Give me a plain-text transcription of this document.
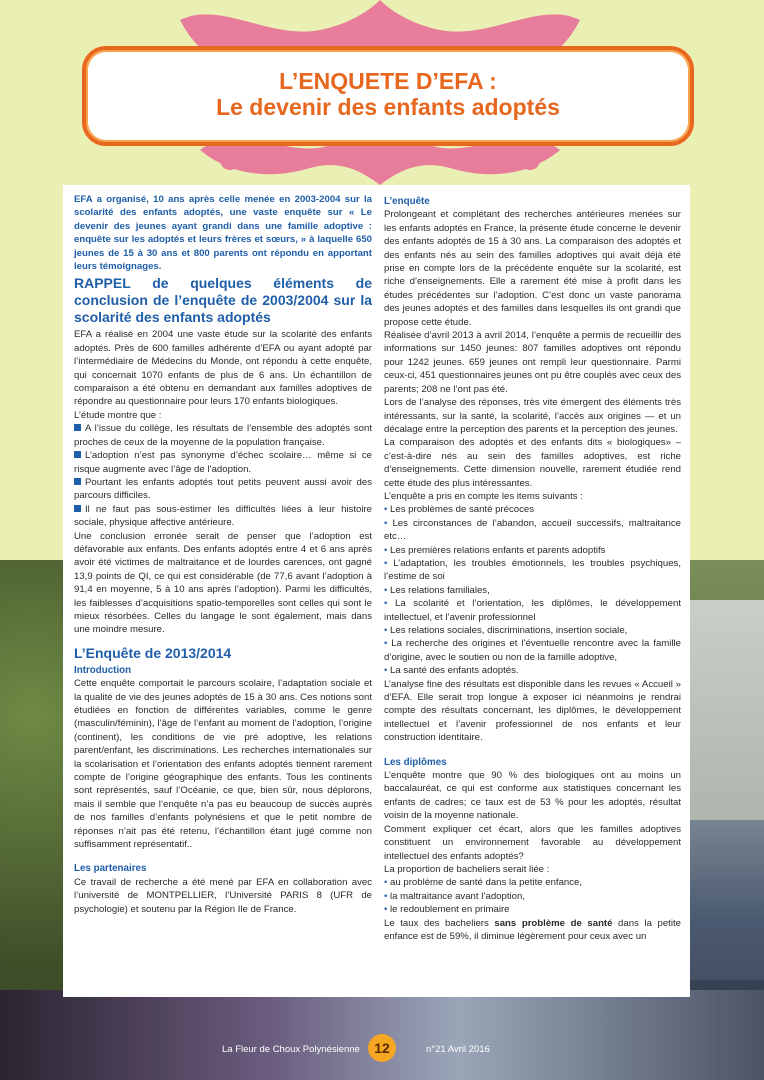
L’ENQUETE D’EFA :
Le devenir des enfants adoptés

EFA a organisé, 10 ans après celle menée en 2003-2004 sur la scolarité des enfants adoptés, une vaste enquête sur « Le devenir des jeunes ayant grandi dans une famille adoptive : enquête sur les adoptés et leurs frères et sœurs, » à laquelle 650 jeunes de 15 à 30 ans et 800 parents ont répondu en apportant leurs témoignages.

RAPPEL de quelques éléments de conclusion de l’enquête de 2003/2004 sur la scolarité des enfants adoptés

EFA a réalisé en 2004 une vaste étude sur la scolarité des enfants adoptés. Près de 600 familles adhérente d’EFA ou ayant adopté par l’intermédiaire de Médecins du Monde, ont répondu à cette enquête, qui concernait 1070 enfants de plus de 6 ans. Un échantillon de comparaison a été obtenu en demandant aux familles adoptives de répondre au questionnaire pour leurs 170 enfants biologiques.

L’étude montre que :

A l’issue du collège, les résultats de l’ensemble des adoptés sont proches de ceux de la moyenne de la population française.

L’adoption n’est pas synonyme d’échec scolaire… même si ce risque augmente avec l’âge de l’adoption.

Pourtant les enfants adoptés tout petits peuvent aussi avoir des parcours difficiles.

Il ne faut pas sous-estimer les difficultés liées à leur histoire sociale, physique affective antérieure.

Une conclusion erronée serait de penser que l’adoption est défavorable aux enfants. Des enfants adoptés entre 4 et 6 ans après avoir été victimes de maltraitance et de lourdes carences, ont gagné 13,9 points de QI, ce qui est considérable (de 77,6 avant l’adoption à 91,4 en moyenne, 5 à 10 ans après l’adoption). Parmi les difficultés, les faiblesses d’acquisitions spatio-temporelles sont celles qui sont le mieux résorbées. Celles du langage le sont également, mais dans une moindre mesure.

L’Enquête de 2013/2014

Introduction

Cette enquête comportait le parcours scolaire, l’adaptation sociale et la qualité de vie des jeunes adoptés de 15 à 30 ans. Ces notions sont étudiées en fonction de différentes variables, comme le genre (masculin/féminin), l’âge de l’enfant au moment de l’adoption, l’origine (continent), les conditions de vie pré adoptive, les relations parent/enfant, les discriminations. Les recherches internationales sur la scolarisation et l’orientation des enfants adoptés tiennent rarement compte de l’origine géographique des enfants. Tous les continents sont représentés, sauf l’Océanie, ce que, bien sûr, nous déplorons, mais il semble que l’enquête n’a pas eu beaucoup de succès auprès de nos familles d’enfants polynésiens et que le petit nombre de réponses n’ait pas été retenu, l’échantillon étant jugé comme non suffisamment représentatif..

Les partenaires

Ce travail de recherche a été mené par EFA en collaboration avec l’université de MONTPELLIER, l’Université PARIS 8 (UFR de psychologie) et soutenu par la Région Ile de France.

L’enquête

Prolongeant et complétant des recherches antérieures menées sur les enfants adoptés en France, la présente étude concerne le devenir des enfants adoptés de 15 à 30 ans. La comparaison des adoptés et des enfants nés au sein des familles adoptives qui avait déjà été prise en compte lors de la précédente enquête sur la scolarité, est riche d’enseignements. Elle a rarement été mise à profit dans les études précédentes sur l’adoption. C’est donc un vaste panorama des jeunes adoptés et des familles dans lesquelles ils ont grandi que propose cette étude.

Réalisée d’avril 2013 à avril 2014, l’enquête a permis de recueillir des informations sur 1450 jeunes: 807 familles adoptives ont répondu pour 1242 jeunes. 659 jeunes ont rempli leur questionnaire. Parmi ceux-ci, 451 questionnaires jeunes ont pu être couplés avec ceux des parents; 208 ne l’ont pas été.

Lors de l’analyse des réponses, très vite émergent des éléments très intéressants, sur la santé, la scolarité, l’accès aux origines — et un décalage entre la perception des parents et la perception des jeunes.

La comparaison des adoptés et des enfants dits « biologiques» – c’est-à-dire nés au sein des familles adoptives, est riche d’enseignements. Cette dimension nouvelle, rarement étudiée rend cette étude des plus intéressantes.

L’enquête a pris en compte les items suivants :

• Les problèmes de santé précoces

• Les circonstances de l’abandon, accueil successifs, maltraitance etc…

• Les premières relations enfants et parents adoptifs

• L’adaptation, les troubles émotionnels, les troubles psychiques, l’estime de soi

• Les relations familiales,

• La scolarité et l’orientation, les diplômes, le développement intellectuel, et l’avenir professionnel

• Les relations sociales, discriminations, insertion sociale,

• La recherche des origines et l’éventuelle rencontre avec la famille d’origine, avec le soutien ou non de la famille adoptive,

• La santé des enfants adoptés.

L’analyse fine des résultats est disponible dans les revues « Accueil » d’EFA. Elle serait trop longue à exposer ici néanmoins je rendrai compte des résultats concernant, les diplômes, le développement intellectuel et l’avenir professionnel de nos enfants et leur construction identitaire.

Les diplômes

L’enquête montre que 90 % des biologiques ont au moins un baccalauréat, ce qui est conforme aux statistiques concernant les enfants de cadres; ce taux est de 53 % pour les adoptés, résultat voisin de la moyenne nationale.

Comment expliquer cet écart, alors que les familles adoptives constituent un environnement favorable au développement intellectuel des enfants adoptés?

La proportion de bacheliers serait liée :

• au problème de santé dans la petite enfance,

• la maltraitance avant l’adoption,

• le redoublement en primaire

Le taux des bacheliers sans problème de santé dans la petite enfance est de 59%, il diminue légèrement pour ceux avec un

La Fleur de Choux Polynésienne	12	n°21 Avril 2016
